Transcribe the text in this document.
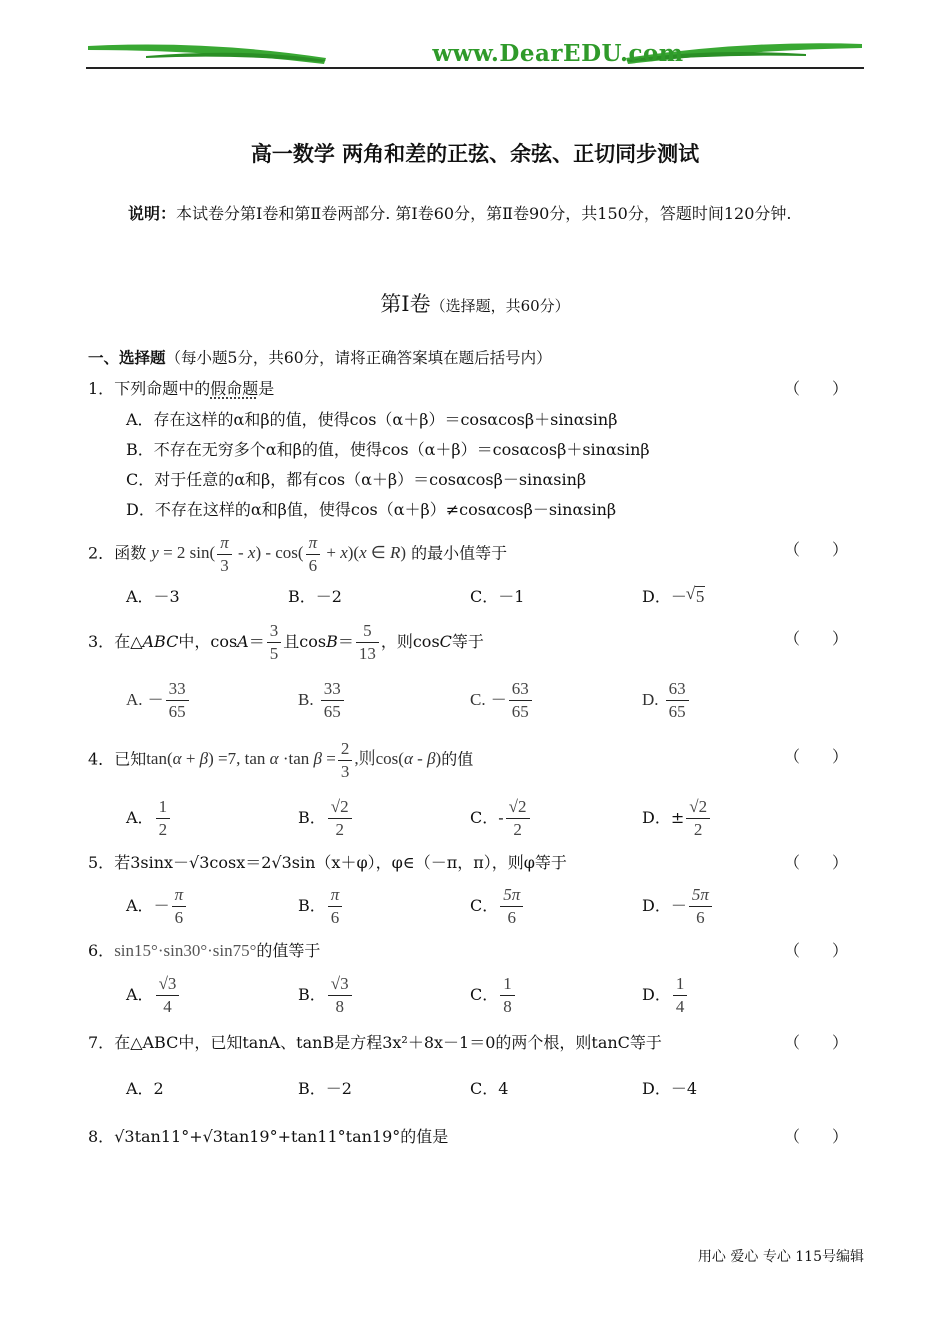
www.DearEDU.com
高一数学 两角和差的正弦、余弦、正切同步测试
说明：本试卷分第Ⅰ卷和第Ⅱ卷两部分. 第Ⅰ卷60分，第Ⅱ卷90分，共150分，答题时间120分钟.
第Ⅰ卷（选择题，共60分）
一、选择题（每小题5分，共60分，请将正确答案填在题后括号内）
1．下列命题中的假命题是	（　　）
A．存在这样的α和β的值，使得cos（α＋β）＝cosαcosβ＋sinαsinβ
B．不存在无穷多个α和β的值，使得cos（α＋β）＝cosαcosβ＋sinαsinβ
C．对于任意的α和β，都有cos（α＋β）＝cosαcosβ－sinαsinβ
D．不存在这样的α和β值，使得cos（α＋β）≠cosαcosβ－sinαsinβ
2．函数 y = 2 $\sin( \frac{\pi}{3} - x) - \cos( \frac{\pi}{6} + x)(x$ ∈ R) 的最小值等于	（　　）
A．－3	B．－2	C．－1	D．－√ 5
3．在△ABC中，$\cos A= \frac{3}{5}$ 且$\cos B= \frac{5}{13}$ ，则cosC等于	（　　）
A. － $\frac{33}{65}$	B. $\frac{33}{65}$	C. － $\frac{63}{65}$	D. $\frac{63}{65}$
4．已知tan(α + β) =7, tan α ·tan $\beta = \frac{2}{3}$ ,则cos(α - β)的值	（　　）
A． $\frac{1}{2}$	B． $\frac{√2}{2}$	C．- $\frac{√2}{2}$	D．± $\frac{√2}{2}$
5．若3sinx－√3cosx＝2√3sin（x＋φ），φ∈（－π，π），则φ等于	（　　）
A．－ $\frac{\pi}{6}$	B． $\frac{\pi}{6}$	C． $\frac{5\pi}{6}$	D．－ $\frac{5\pi}{6}$
6．sin15°·sin30°·sin75°的值等于	（　　）
A． $\frac{√3}{4}$	B． $\frac{√3}{8}$	C． $\frac{1}{8}$	D． $\frac{1}{4}$
7．在△ABC中，已知tanA、tanB是方程3x²＋8x－1＝0的两个根，则tanC等于	（　　）
A．2	B．－2	C．4	D．－4
8．√3tan11°+√3tan19°+tan11°tan19°的值是	（　　）
用心 爱心 专心 115号编辑
